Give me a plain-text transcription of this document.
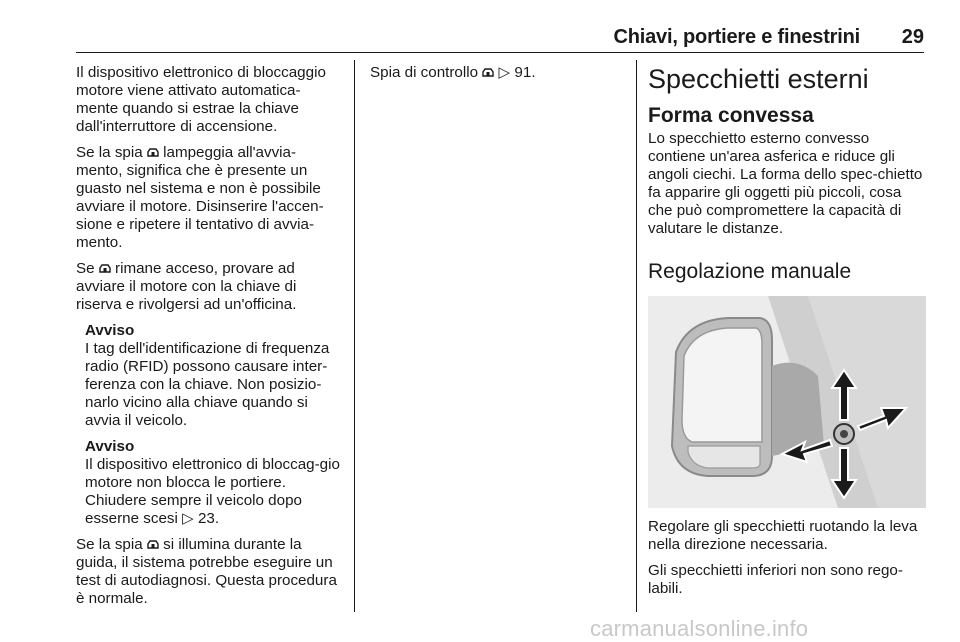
Chiavi, portiere e finestrini 29

Il dispositivo elettronico di bloccaggio motore viene attivato automatica-mente quando si estrae la chiave dall'interruttore di accensione.

Se la spia  lampeggia all'avvia-mento, significa che è presente un guasto nel sistema e non è possibile avviare il motore. Disinserire l'accen-sione e ripetere il tentativo di avvia-mento.

Se  rimane acceso, provare ad avviare il motore con la chiave di riserva e rivolgersi ad un'officina.

Avviso
I tag dell'identificazione di frequenza radio (RFID) possono causare inter-ferenza con la chiave. Non posizio-narlo vicino alla chiave quando si avvia il veicolo.
Avviso
Il dispositivo elettronico di bloccag-gio motore non blocca le portiere. Chiudere sempre il veicolo dopo esserne scesi ▷ 23.

Se la spia  si illumina durante la guida, il sistema potrebbe eseguire un test di autodiagnosi. Questa procedura è normale.

Spia di controllo  ▷ 91.	Specchietti esterni
Forma convessa

Lo specchietto esterno convesso contiene un'area asferica e riduce gli angoli ciechi. La forma dello spec-chietto fa apparire gli oggetti più piccoli, cosa che può compromettere la capacità di valutare le distanze.

Regolazione manuale

Regolare gli specchietti ruotando la leva nella direzione necessaria.

Gli specchietti inferiori non sono rego-labili.

carmanualsonline.info
